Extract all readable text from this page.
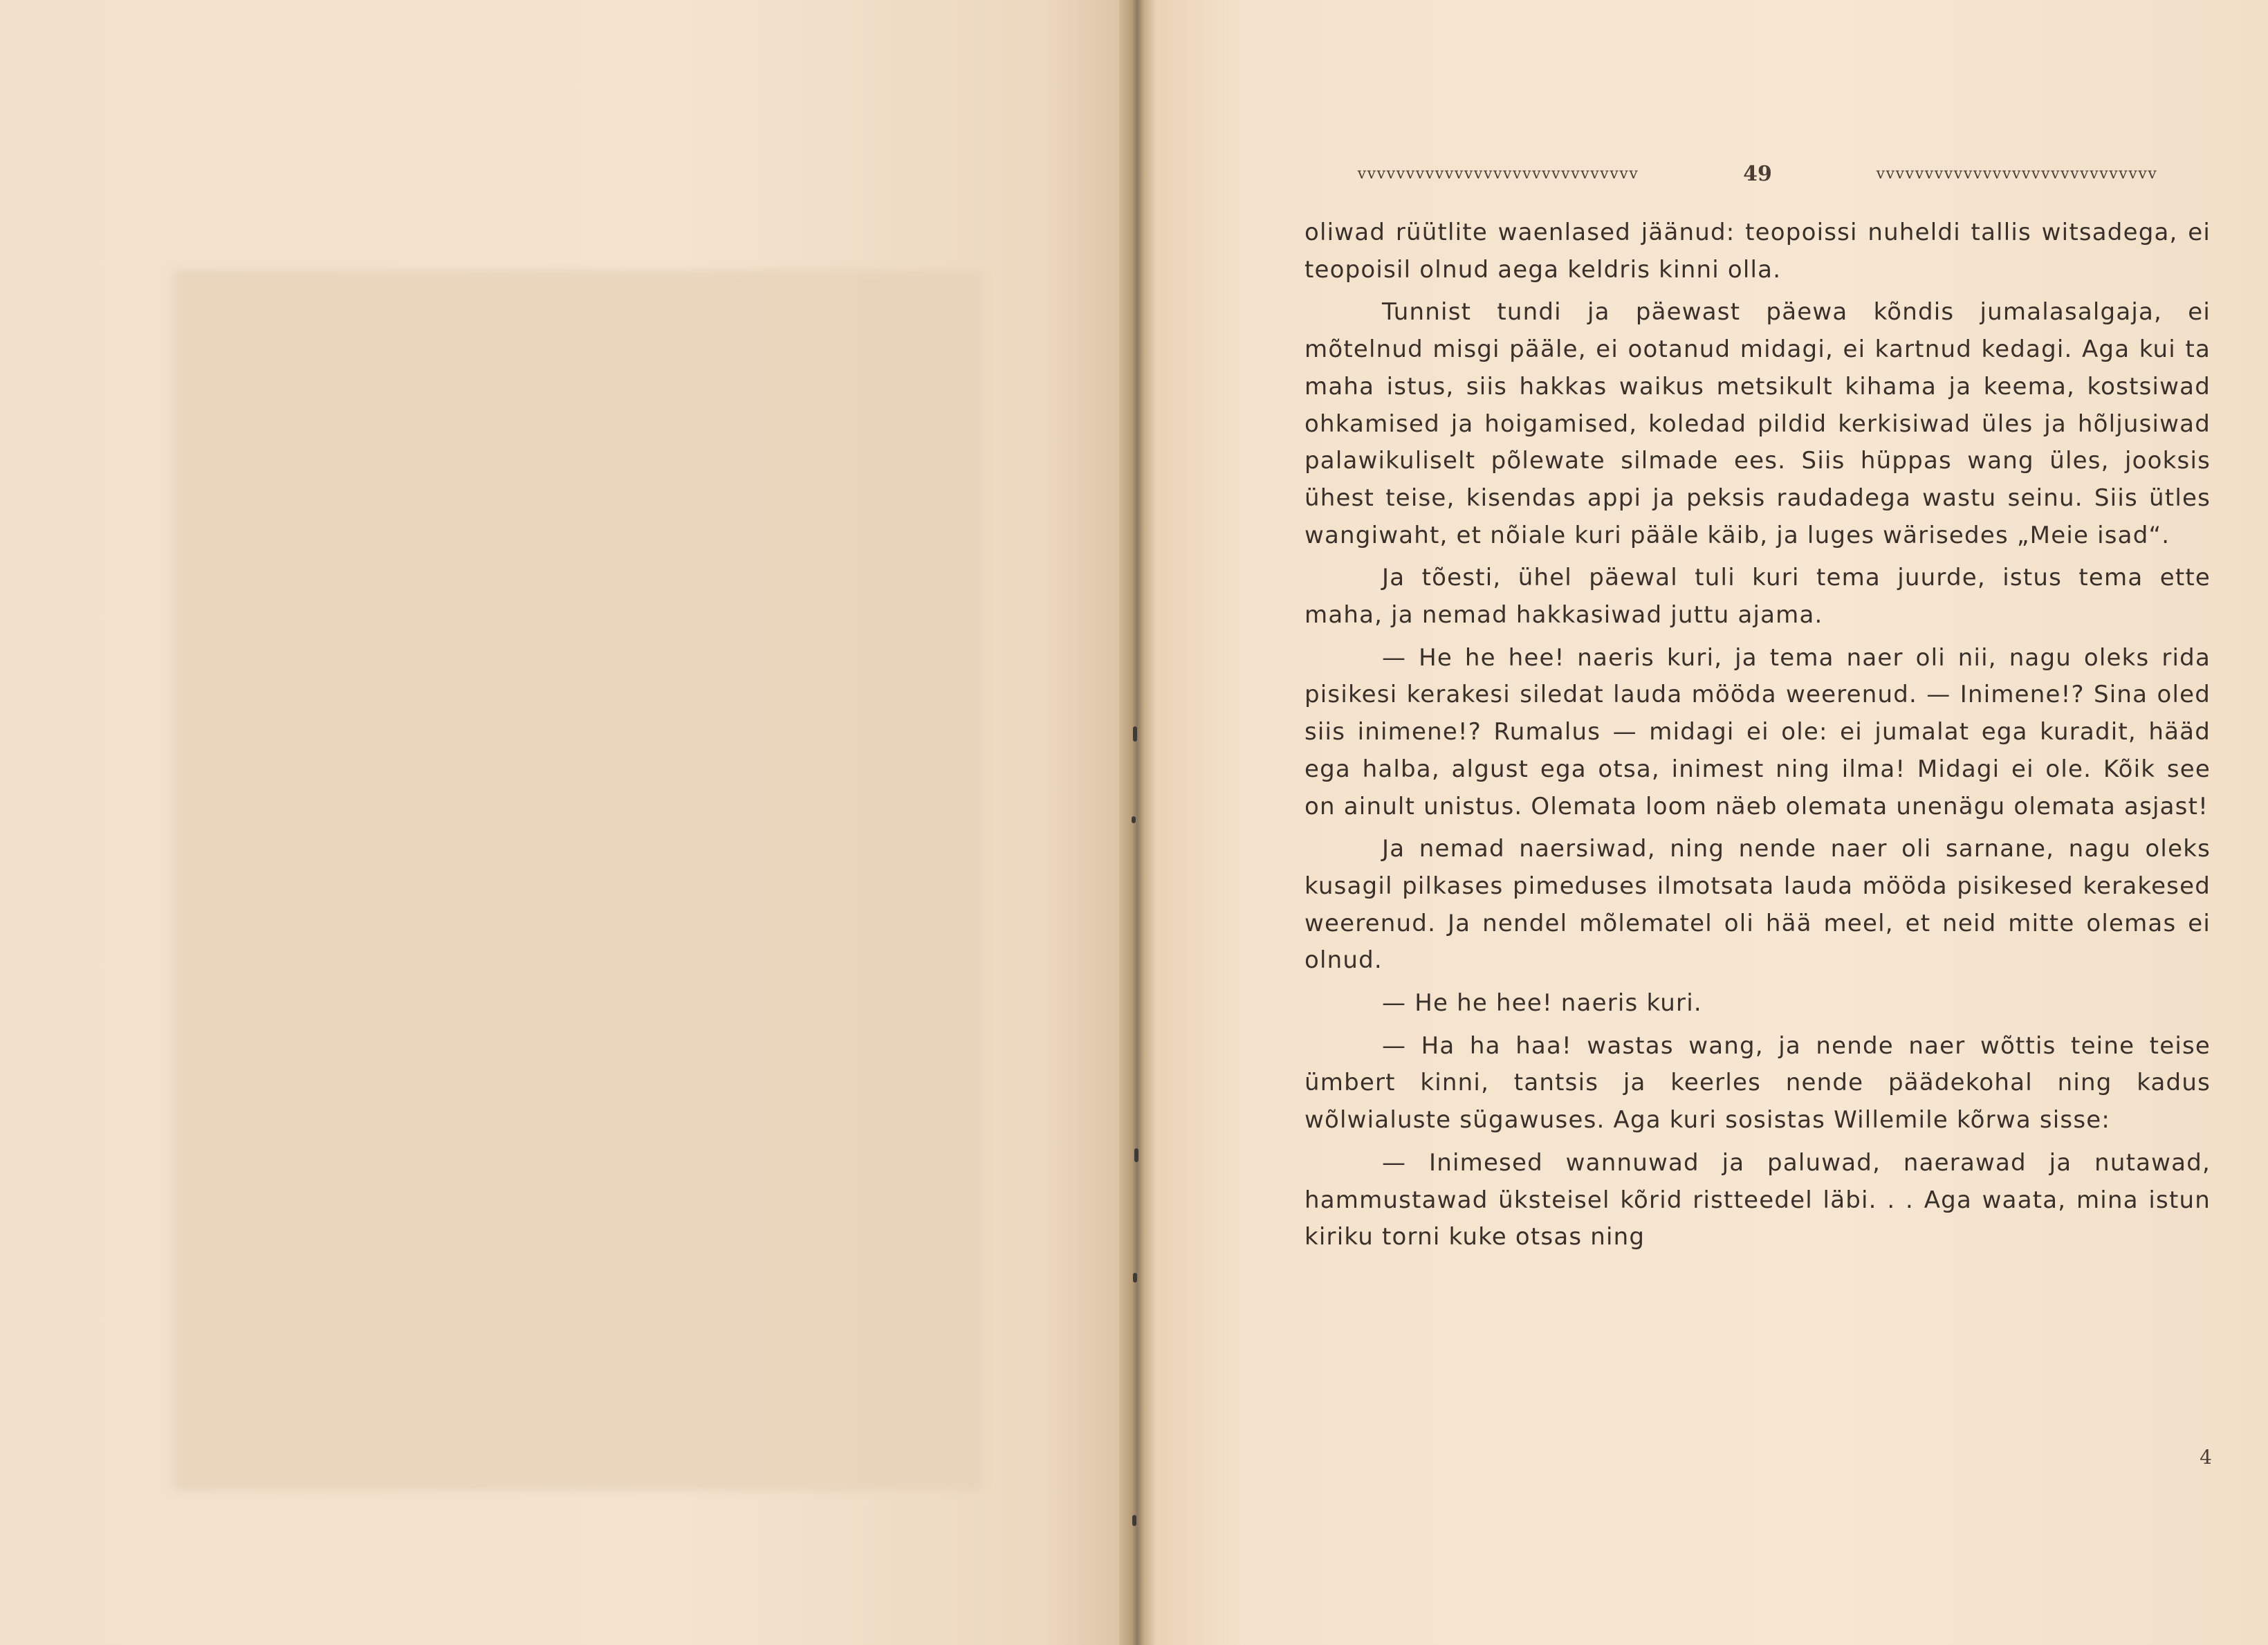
vvvvvvvvvvvvvvvvvvvvvvvvvvvvv	49	vvvvvvvvvvvvvvvvvvvvvvvvvvvvv

oliwad rüütlite waenlased jäänud: teopoissi nuheldi tallis witsadega, ei teopoisil olnud aega keldris kinni olla.

Tunnist tundi ja päewast päewa kõndis jumalasalgaja, ei mõtelnud misgi pääle, ei ootanud midagi, ei kartnud kedagi. Aga kui ta maha istus, siis hakkas waikus metsikult kihama ja keema, kostsiwad ohkamised ja hoigamised, koledad pildid kerkisiwad üles ja hõljusiwad palawikuliselt põlewate silmade ees. Siis hüppas wang üles, jooksis ühest teise, kisendas appi ja peksis raudadega wastu seinu. Siis ütles wangiwaht, et nõiale kuri pääle käib, ja luges wärisedes „Meie isad“.

Ja tõesti, ühel päewal tuli kuri tema juurde, istus tema ette maha, ja nemad hakkasiwad juttu ajama.

— He he hee! naeris kuri, ja tema naer oli nii, nagu oleks rida pisikesi kerakesi siledat lauda mööda weerenud. — Inimene!? Sina oled siis inimene!? Rumalus — midagi ei ole: ei jumalat ega kuradit, hääd ega halba, algust ega otsa, inimest ning ilma! Midagi ei ole. Kõik see on ainult unistus. Olemata loom näeb olemata unenägu olemata asjast!

Ja nemad naersiwad, ning nende naer oli sarnane, nagu oleks kusagil pilkases pimeduses ilmotsata lauda mööda pisikesed kerakesed weerenud. Ja nendel mõlematel oli hää meel, et neid mitte olemas ei olnud.

— He he hee! naeris kuri.

— Ha ha haa! wastas wang, ja nende naer wõttis teine teise ümbert kinni, tantsis ja keerles nende päädekohal ning kadus wõlwialuste sügawuses. Aga kuri sosistas Willemile kõrwa sisse:

— Inimesed wannuwad ja paluwad, naerawad ja nutawad, hammustawad üksteisel kõrid ristteedel läbi. . . Aga waata, mina istun kiriku torni kuke otsas ning

4
